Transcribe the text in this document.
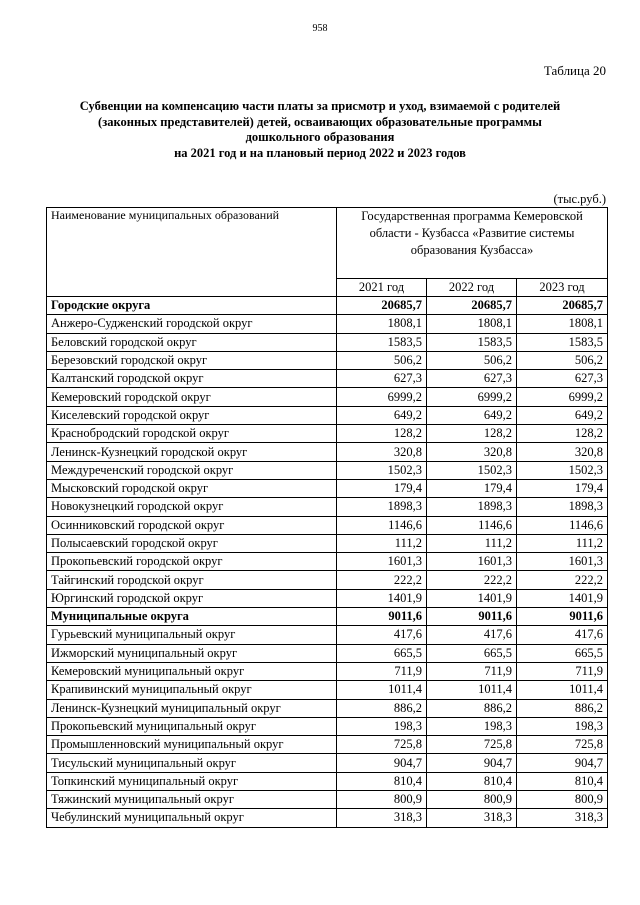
958
Таблица 20
Субвенции на компенсацию части платы за присмотр и уход, взимаемой с родителей
(законных представителей) детей, осваивающих образовательные программы
дошкольного образования
на 2021 год и на плановый период 2022 и 2023 годов
(тыс.руб.)
Наименование муниципальных образований	Государственная программа Кемеровской области - Кузбасса «Развитие системы образования Кузбасса»		
	2021 год	2022 год	2023 год
Городские округа	20685,7	20685,7	20685,7
Анжеро-Судженский городской округ	1808,1	1808,1	1808,1
Беловский городской округ	1583,5	1583,5	1583,5
Березовский городской округ	506,2	506,2	506,2
Калтанский городской округ	627,3	627,3	627,3
Кемеровский городской округ	6999,2	6999,2	6999,2
Киселевский городской округ	649,2	649,2	649,2
Краснобродский городской округ	128,2	128,2	128,2
Ленинск-Кузнецкий городской округ	320,8	320,8	320,8
Междуреченский городской округ	1502,3	1502,3	1502,3
Мысковский городской округ	179,4	179,4	179,4
Новокузнецкий городской округ	1898,3	1898,3	1898,3
Осинниковский городской округ	1146,6	1146,6	1146,6
Полысаевский городской округ	111,2	111,2	111,2
Прокопьевский городской округ	1601,3	1601,3	1601,3
Тайгинский городской округ	222,2	222,2	222,2
Юргинский городской округ	1401,9	1401,9	1401,9
Муниципальные округа	9011,6	9011,6	9011,6
Гурьевский муниципальный округ	417,6	417,6	417,6
Ижморский муниципальный округ	665,5	665,5	665,5
Кемеровский муниципальный округ	711,9	711,9	711,9
Крапивинский муниципальный округ	1011,4	1011,4	1011,4
Ленинск-Кузнецкий муниципальный округ	886,2	886,2	886,2
Прокопьевский муниципальный округ	198,3	198,3	198,3
Промышленновский муниципальный округ	725,8	725,8	725,8
Тисульский муниципальный округ	904,7	904,7	904,7
Топкинский муниципальный округ	810,4	810,4	810,4
Тяжинский муниципальный округ	800,9	800,9	800,9
Чебулинский муниципальный округ	318,3	318,3	318,3
